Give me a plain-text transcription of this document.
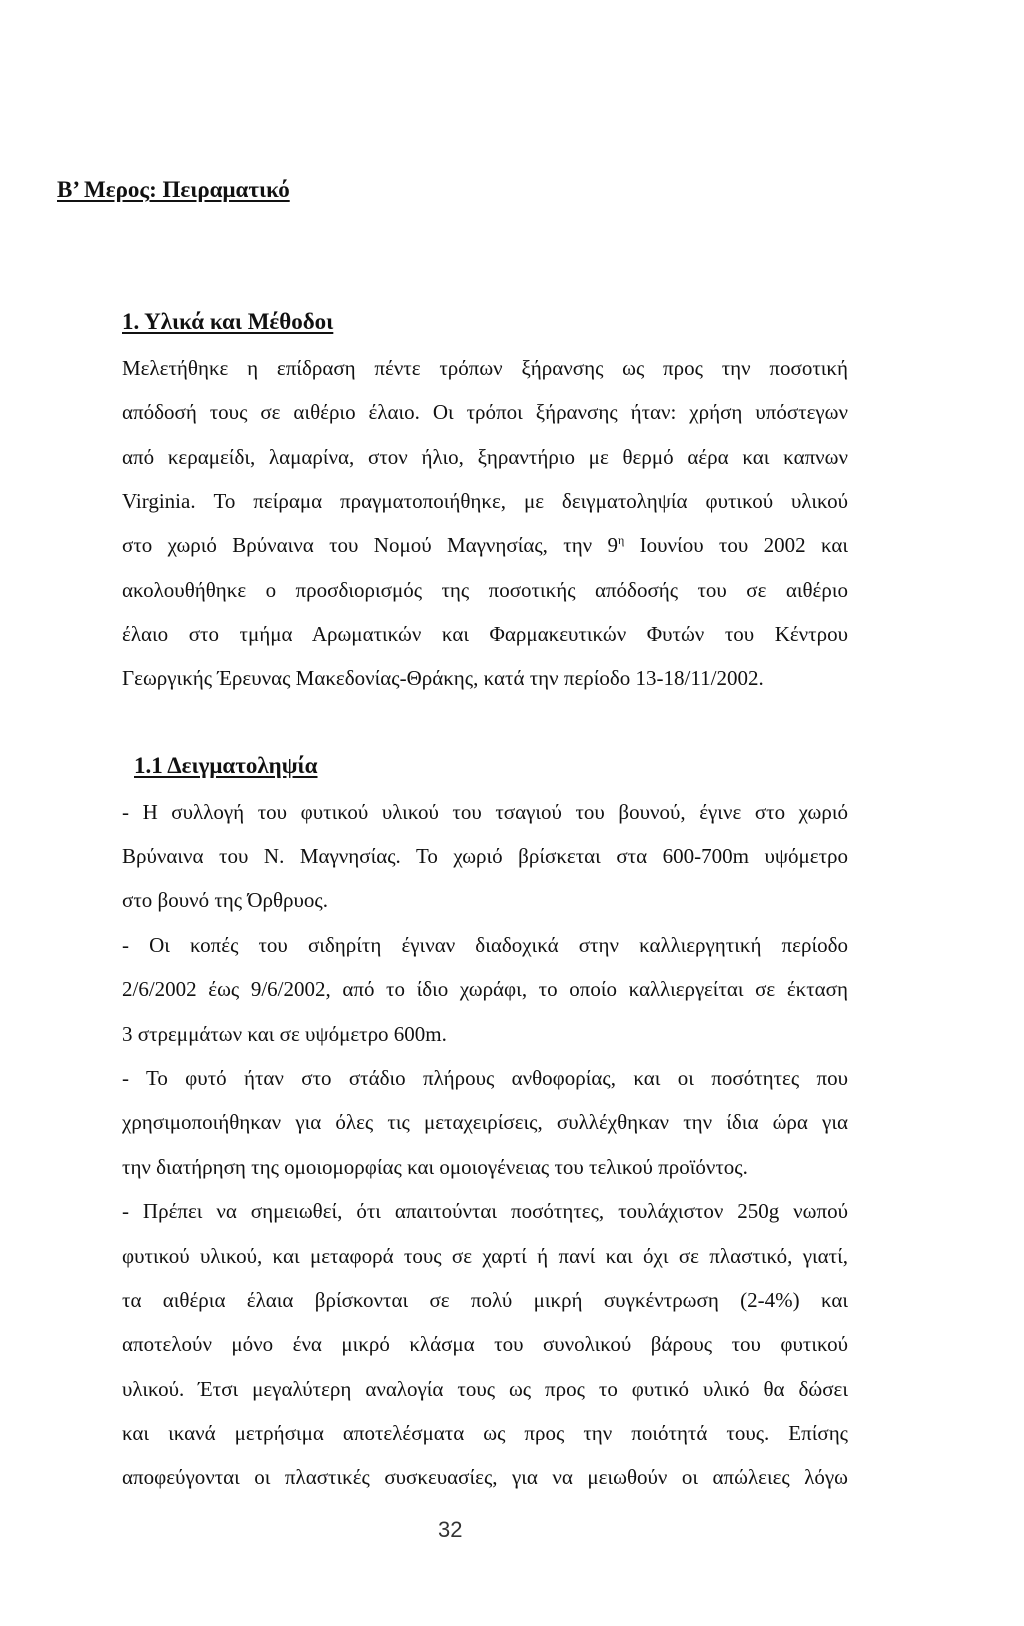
Β’ Μερος: Πειραματικό
1. Υλικά και Μέθοδοι
Μελετήθηκε η επίδραση πέντε τρόπων ξήρανσης ως προς την ποσοτική
απόδοσή τους σε αιθέριο έλαιο. Οι τρόποι ξήρανσης ήταν: χρήση υπόστεγων
από κεραμείδι, λαμαρίνα, στον ήλιο, ξηραντήριο με θερμό αέρα και καπνων
Virginia. Το πείραμα πραγματοποιήθηκε, με δειγματοληψία φυτικού υλικού
στο χωριό Βρύναινα του Νομού Μαγνησίας, την $9^\eta$ Ιουνίου του 2002 και
ακολουθήθηκε ο προσδιορισμός της ποσοτικής απόδοσής του σε αιθέριο
έλαιο στο τμήμα Αρωματικών και Φαρμακευτικών Φυτών του Κέντρου
Γεωργικής Έρευνας Μακεδονίας-Θράκης, κατά την περίοδο 13-18/11/2002.
1.1 Δειγματοληψία
- Η συλλογή του φυτικού υλικού του τσαγιού του βουνού, έγινε στο χωριό
Βρύναινα του Ν. Μαγνησίας. Το χωριό βρίσκεται στα 600-700m υψόμετρο
στο βουνό της Όρθρυος.
- Οι κοπές του σιδηρίτη έγιναν διαδοχικά στην καλλιεργητική περίοδο
2/6/2002 έως 9/6/2002, από το ίδιο χωράφι, το οποίο καλλιεργείται σε έκταση
3 στρεμμάτων και σε υψόμετρο 600m.
- Το φυτό ήταν στο στάδιο πλήρους ανθοφορίας, και οι ποσότητες που
χρησιμοποιήθηκαν για όλες τις μεταχειρίσεις, συλλέχθηκαν την ίδια ώρα για
την διατήρηση της ομοιομορφίας και ομοιογένειας του τελικού προϊόντος.
- Πρέπει να σημειωθεί, ότι απαιτούνται ποσότητες, τουλάχιστον 250g νωπού
φυτικού υλικού, και μεταφορά τους σε χαρτί ή πανί και όχι σε πλαστικό, γιατί,
τα αιθέρια έλαια βρίσκονται σε πολύ μικρή συγκέντρωση (2-4%) και
αποτελούν μόνο ένα μικρό κλάσμα του συνολικού βάρους του φυτικού
υλικού. Έτσι μεγαλύτερη αναλογία τους ως προς το φυτικό υλικό θα δώσει
και ικανά μετρήσιμα αποτελέσματα ως προς την ποιότητά τους. Επίσης
αποφεύγονται οι πλαστικές συσκευασίες, για να μειωθούν οι απώλειες λόγω
32
